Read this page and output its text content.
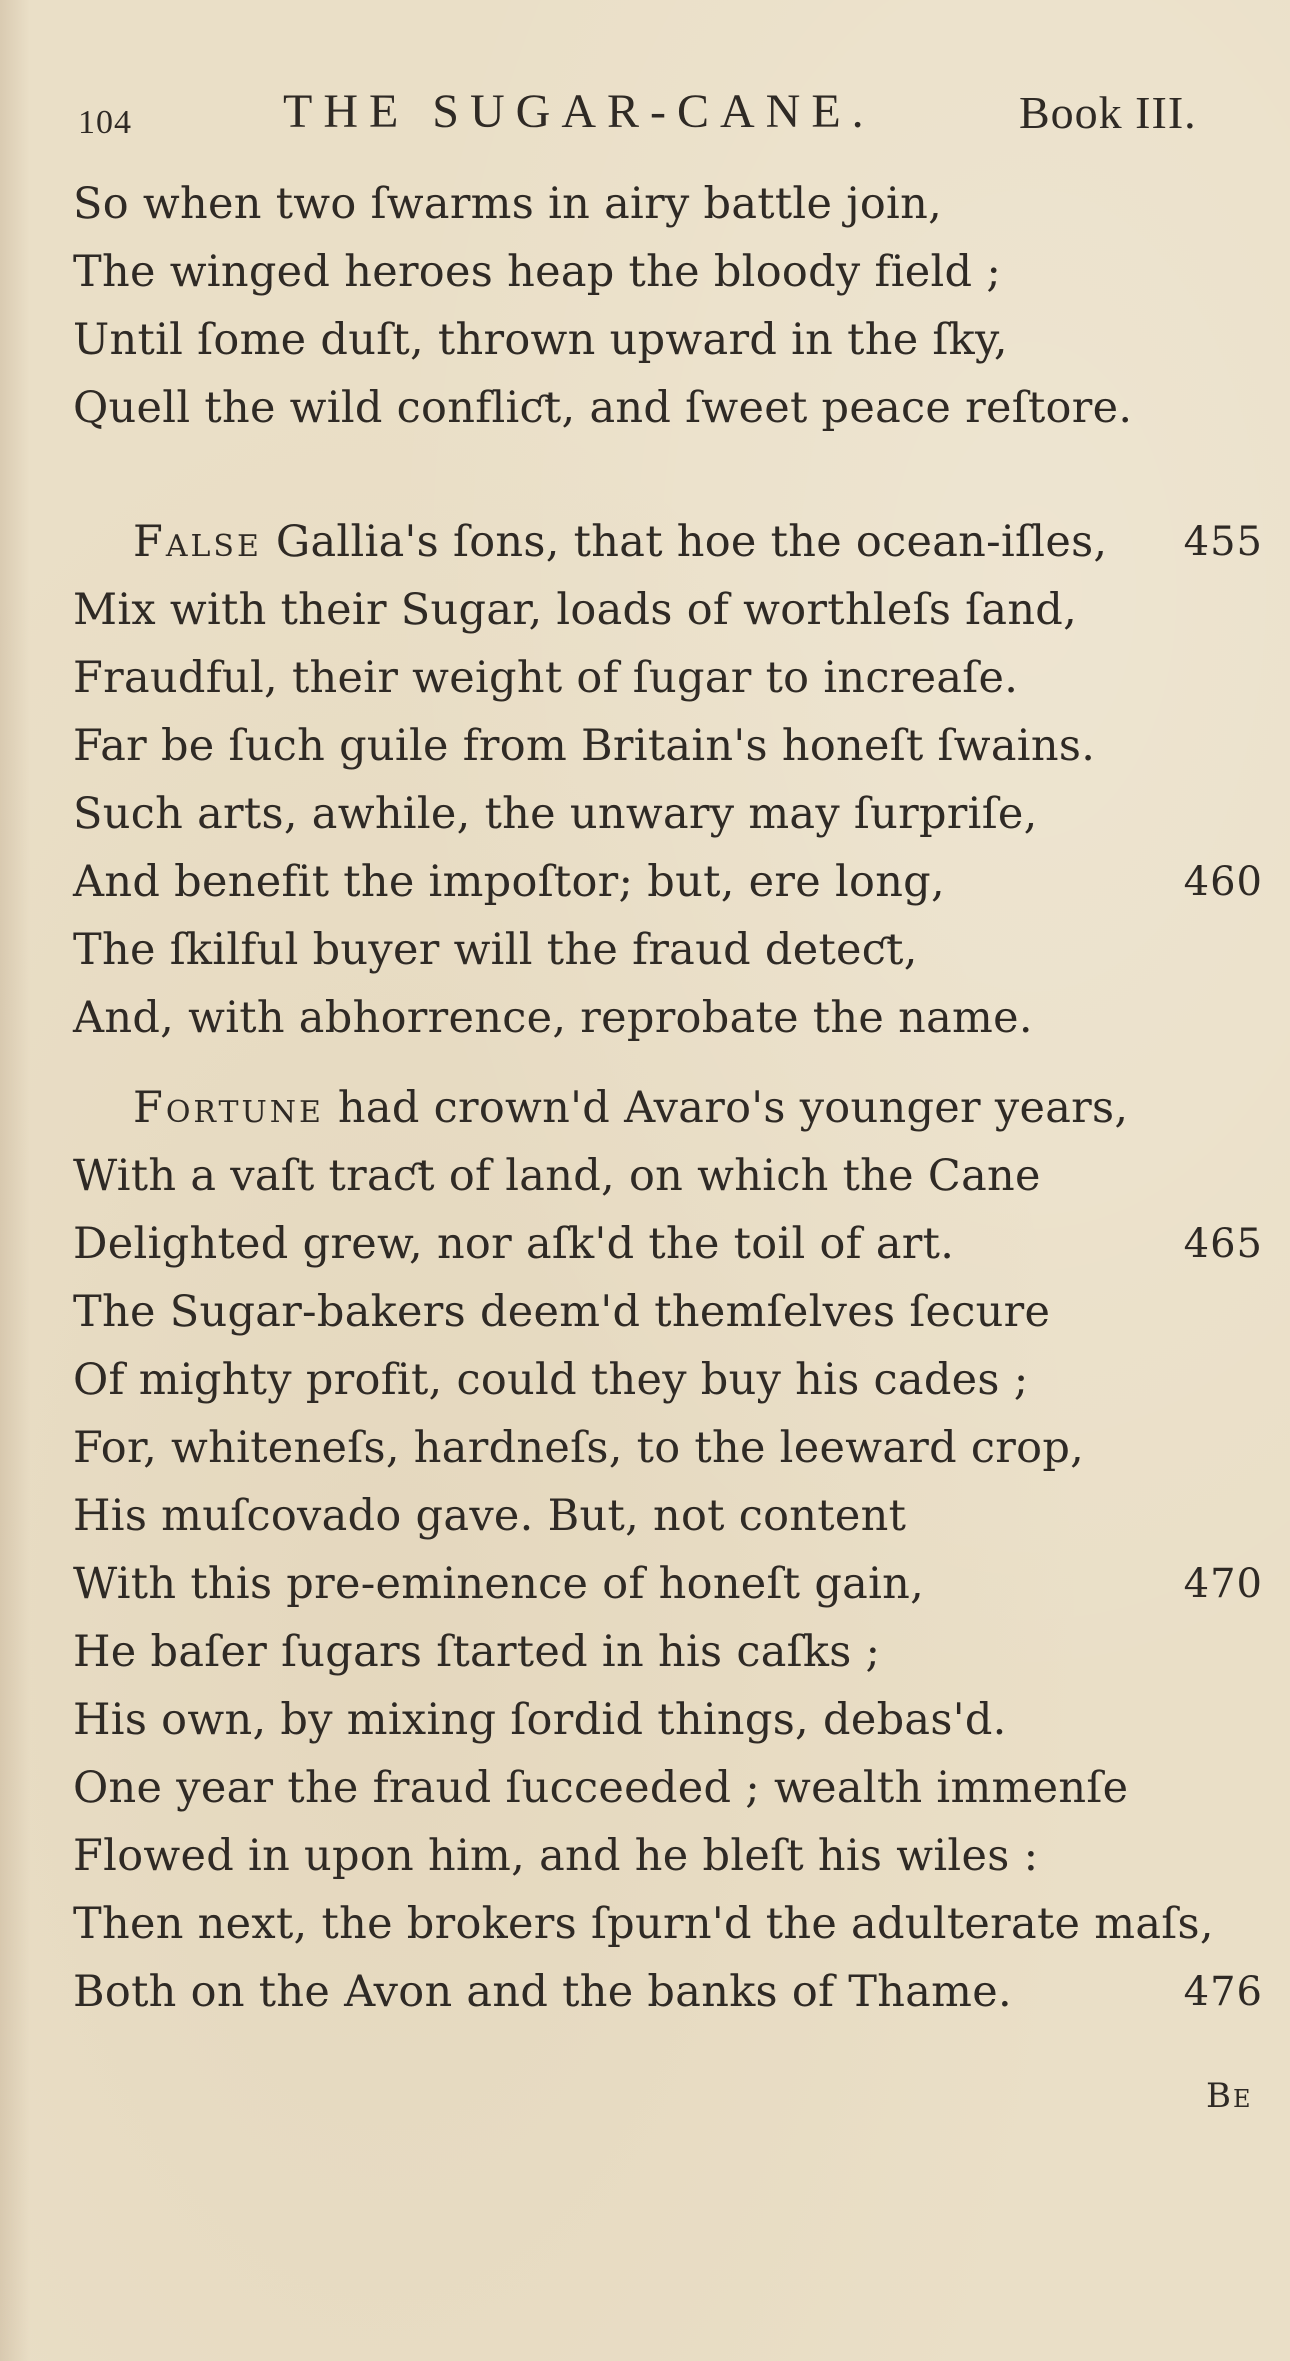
104	THE SUGAR-CANE.	Book III.
So when two ſwarms in airy battle join,
The winged heroes heap the bloody field ;
Until ſome duſt, thrown upward in the ſky,
Quell the wild confliƈt, and ſweet peace reſtore.
False Gallia's ſons, that hoe the ocean-iſles, 455
Mix with their Sugar, loads of worthleſs ſand,
Fraudful, their weight of ſugar to increaſe.
Far be ſuch guile from Britain's honeſt ſwains.
Such arts, awhile, the unwary may ſurpriſe,
And benefit the impoſtor; but, ere long,	460
The ſkilful buyer will the fraud deteƈt,
And, with abhorrence, reprobate the name.
Fortune had crown'd Avaro's younger years,
With a vaſt traƈt of land, on which the Cane
Delighted grew, nor aſk'd the toil of art.	465
The Sugar-bakers deem'd themſelves ſecure
Of mighty profit, could they buy his cades ;
For, whiteneſs, hardneſs, to the leeward crop,
His muſcovado gave. But, not content
With this pre-eminence of honeſt gain,	470
He baſer ſugars ſtarted in his caſks ;
His own, by mixing ſordid things, debas'd.
One year the fraud ſucceeded ; wealth immenſe
Flowed in upon him, and he bleſt his wiles :
Then next, the brokers ſpurn'd the adulterate maſs,
Both on the Avon and the banks of Thame.	476
Be
